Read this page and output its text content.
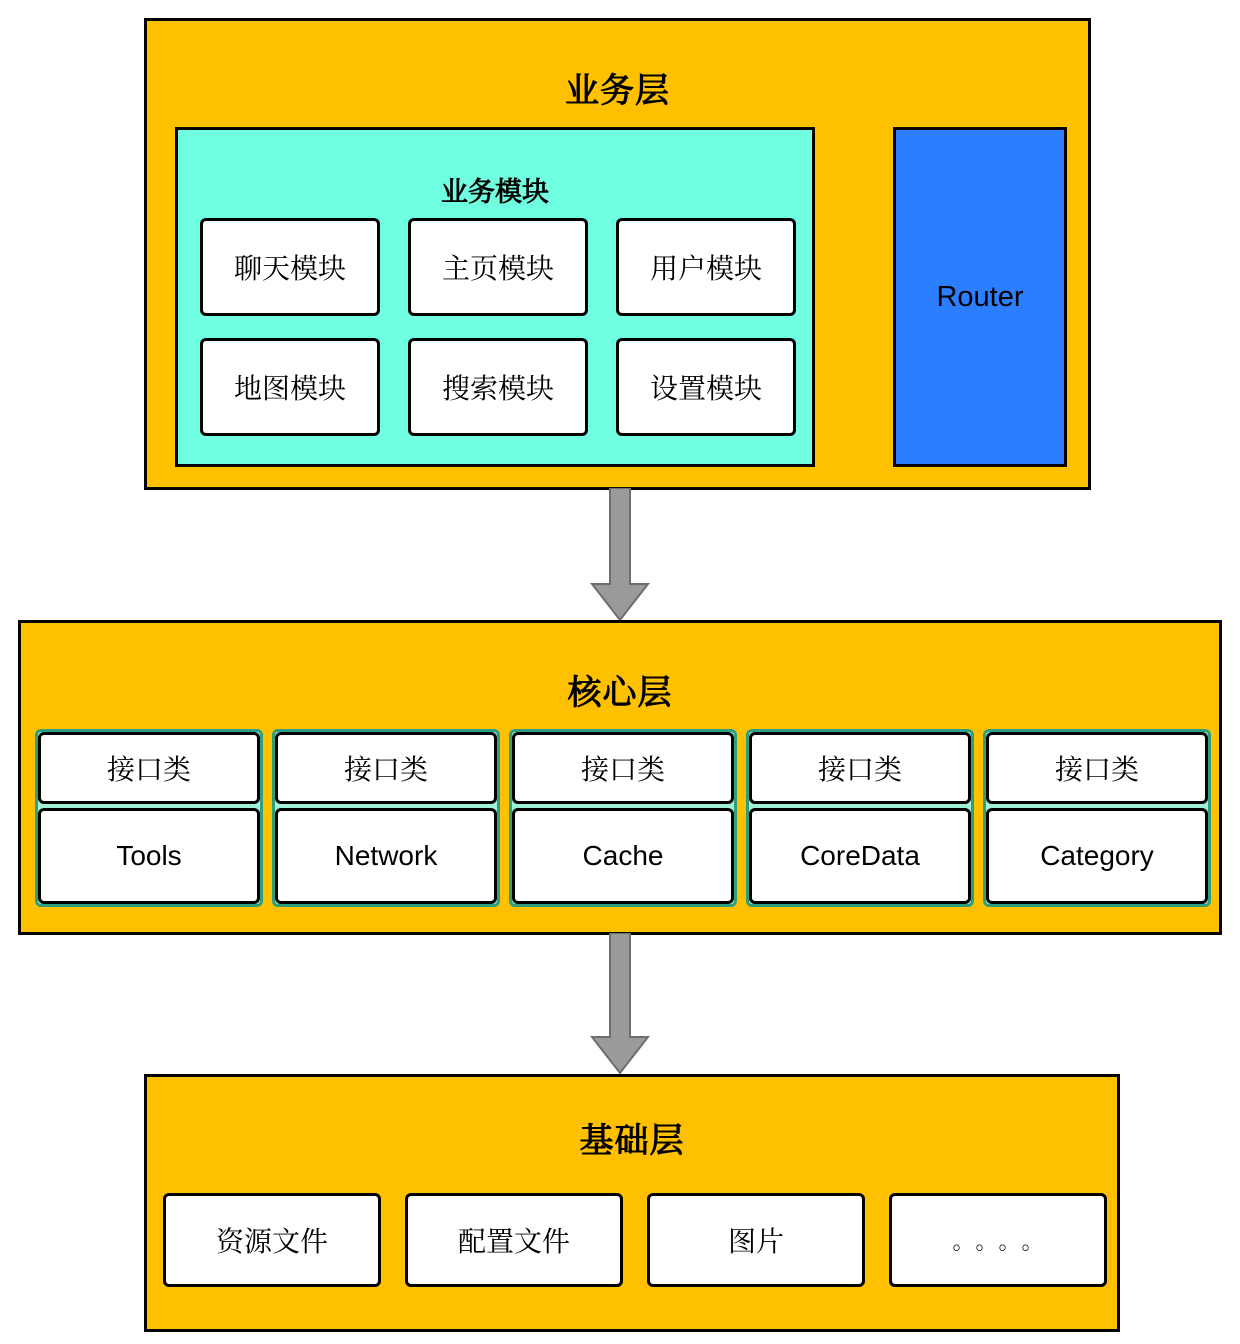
业务层
业务模块
聊天模块	主页模块	用户模块
地图模块	搜索模块	设置模块
Router
核心层
接口类
Tools
接口类
Network
接口类
Cache
接口类
CoreData
接口类
Category
基础层
资源文件	配置文件	图片	。。。。
